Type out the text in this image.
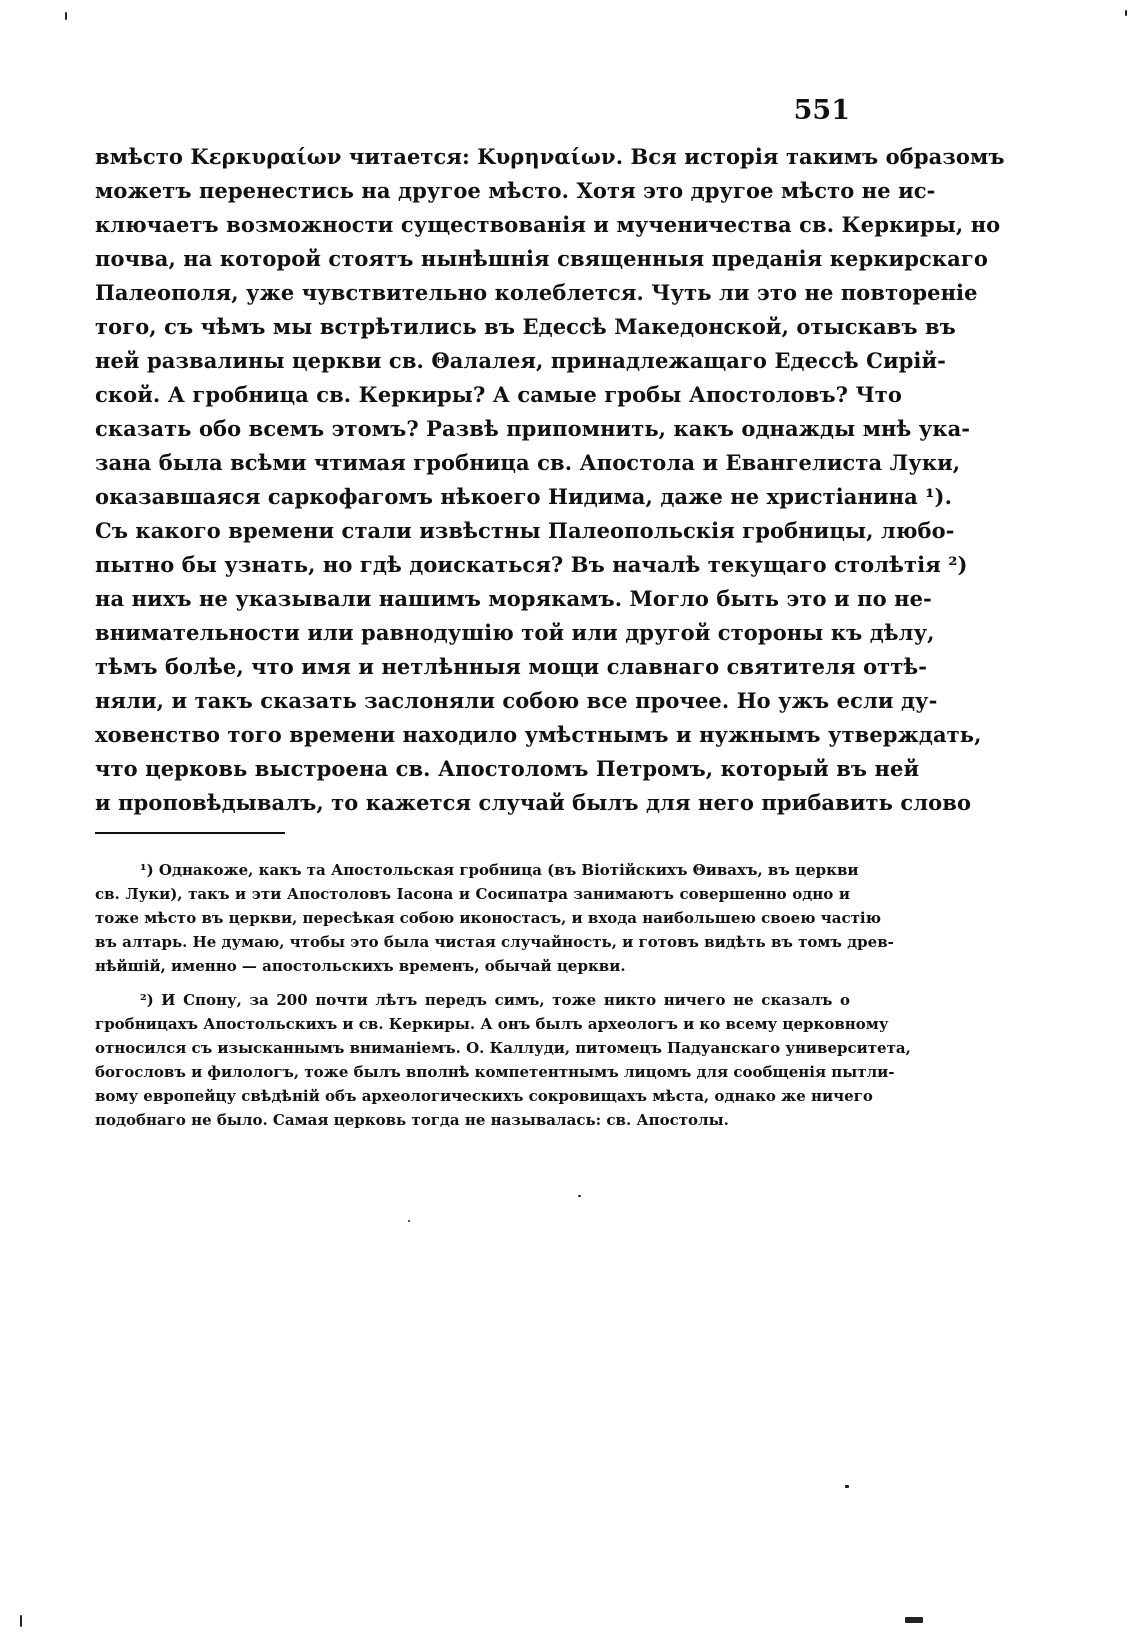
551
вмѣсто Κερκυραίων читается: Κυρηναίων. Вся исторія такимъ образомъ
можетъ перенестись на другое мѣсто. Хотя это другое мѣсто не ис-
ключаетъ возможности существованія и мученичества св. Керкиры, но
почва, на которой стоятъ нынѣшнія священныя преданія керкирскаго
Палеополя, уже чувствительно колеблется. Чуть ли это не повтореніе
того, съ чѣмъ мы встрѣтились въ Едессѣ Македонской, отыскавъ въ
ней развалины церкви св. Θалалея, принадлежащаго Едессѣ Сирій-
ской. А гробница св. Керкиры? А самые гробы Апостоловъ? Что
сказать обо всемъ этомъ? Развѣ припомнить, какъ однажды мнѣ ука-
зана была всѣми чтимая гробница св. Апостола и Евангелиста Луки,
оказавшаяся саркофагомъ нѣкоего Нидима, даже не христіанина ¹).
Съ какого времени стали извѣстны Палеопольскія гробницы, любо-
пытно бы узнать, но гдѣ доискаться? Въ началѣ текущаго столѣтія ²)
на нихъ не указывали нашимъ морякамъ. Могло быть это и по не-
внимательности или равнодушію той или другой стороны къ дѣлу,
тѣмъ болѣе, что имя и нетлѣнныя мощи славнаго святителя оттѣ-
няли, и такъ сказать заслоняли собою все прочее. Но ужъ если ду-
ховенство того времени находило умѣстнымъ и нужнымъ утверждать,
что церковь выстроена св. Апостоломъ Петромъ, который въ ней
и проповѣдывалъ, то кажется случай былъ для него прибавить слово
¹) Однакоже, какъ та Апостольская гробница (въ Віотійскихъ Θивахъ, въ церкви
св. Луки), такъ и эти Апостоловъ Іасона и Сосипатра занимаютъ совершенно одно и
тоже мѣсто въ церкви, пересѣкая собою иконостасъ, и входа наибольшею своею частію
въ алтарь. Не думаю, чтобы это была чистая случайность, и готовъ видѣть въ томъ древ-
нѣйшій, именно — апостольскихъ временъ, обычай церкви.
²) И Спону, за 200 почти лѣтъ передъ симъ, тоже никто ничего не сказалъ о
гробницахъ Апостольскихъ и св. Керкиры. А онъ былъ археологъ и ко всему церковному
относился съ изысканнымъ вниманіемъ. О. Каллуди, питомецъ Падуанскаго университета,
богословъ и филологъ, тоже былъ вполнѣ компетентнымъ лицомъ для сообщенія пытли-
вому европейцу свѣдѣній объ археологическихъ сокровищахъ мѣста, однако же ничего
подобнаго не было. Самая церковь тогда не называлась: св. Апостолы.
